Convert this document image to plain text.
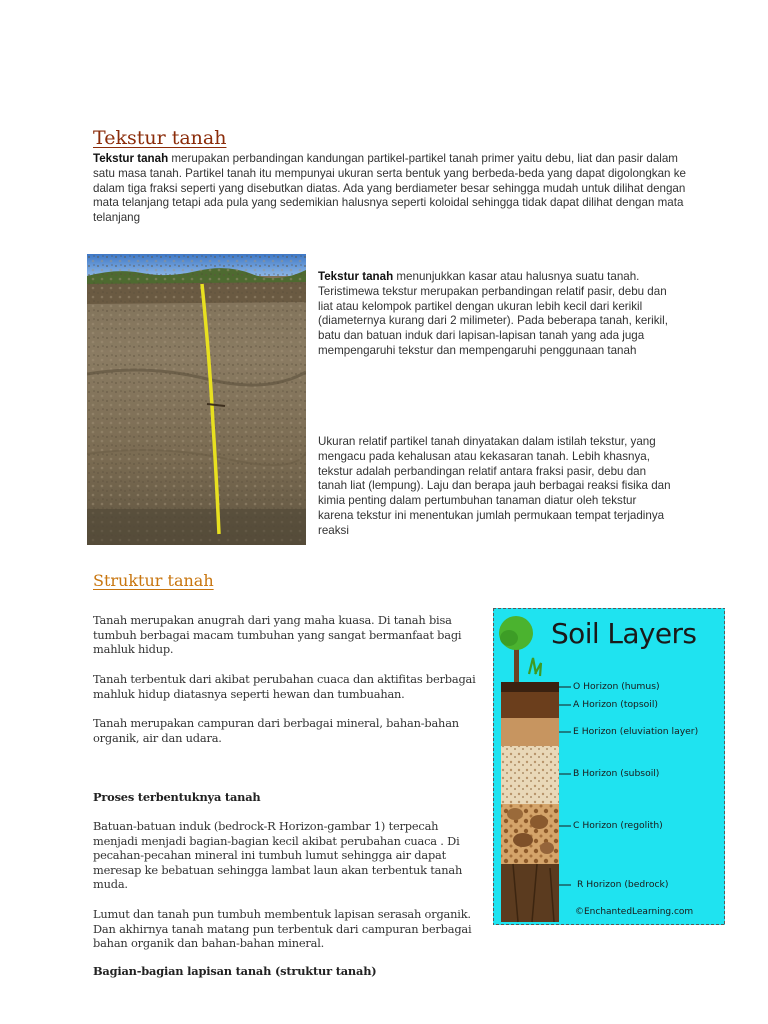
Tekstur tanah
Tekstur tanah merupakan perbandingan kandungan partikel-partikel tanah primer yaitu debu, liat dan pasir dalam satu masa tanah. Partikel tanah itu mempunyai ukuran serta bentuk yang berbeda-beda yang dapat digolongkan ke dalam tiga fraksi seperti yang disebutkan diatas. Ada yang berdiameter besar sehingga mudah untuk dilihat dengan mata telanjang tetapi ada pula yang sedemikian halusnya seperti koloidal sehingga tidak dapat dilihat dengan mata telanjang
Tekstur tanah menunjukkan kasar atau halusnya suatu tanah. Teristimewa tekstur merupakan perbandingan relatif pasir, debu dan liat atau kelompok partikel dengan ukuran lebih kecil dari kerikil (diameternya kurang dari 2 milimeter). Pada beberapa tanah, kerikil, batu dan batuan induk dari lapisan-lapisan tanah yang ada juga mempengaruhi tekstur dan mempengaruhi penggunaan tanah
Ukuran relatif partikel tanah dinyatakan dalam istilah tekstur, yang mengacu pada kehalusan atau kekasaran tanah. Lebih khasnya, tekstur adalah perbandingan relatif antara fraksi pasir, debu dan tanah liat (lempung). Laju dan berapa jauh berbagai reaksi fisika dan kimia penting dalam pertumbuhan tanaman diatur oleh tekstur karena tekstur ini menentukan jumlah permukaan tempat terjadinya reaksi
Struktur tanah
Tanah merupakan anugrah dari yang maha kuasa. Di tanah bisa tumbuh berbagai macam tumbuhan yang sangat bermanfaat bagi mahluk hidup.
Tanah terbentuk dari akibat perubahan cuaca dan aktifitas berbagai mahluk hidup diatasnya seperti hewan dan tumbuahan.
Tanah merupakan campuran dari berbagai mineral, bahan-bahan organik, air dan udara.
Proses terbentuknya tanah
Batuan-batuan induk (bedrock-R Horizon-gambar 1) terpecah menjadi menjadi bagian-bagian kecil akibat perubahan cuaca . Di pecahan-pecahan mineral ini tumbuh lumut sehingga air dapat meresap ke bebatuan sehingga lambat laun akan terbentuk tanah muda.
Lumut dan tanah pun tumbuh membentuk lapisan serasah organik. Dan akhirnya tanah matang pun terbentuk dari campuran berbagai bahan organik dan bahan-bahan mineral.
Bagian-bagian lapisan tanah (struktur tanah)
Soil Layers
O Horizon (humus)
A Horizon (topsoil)
E Horizon (eluviation layer)
B Horizon (subsoil)
C Horizon (regolith)
R Horizon (bedrock)
©EnchantedLearning.com
